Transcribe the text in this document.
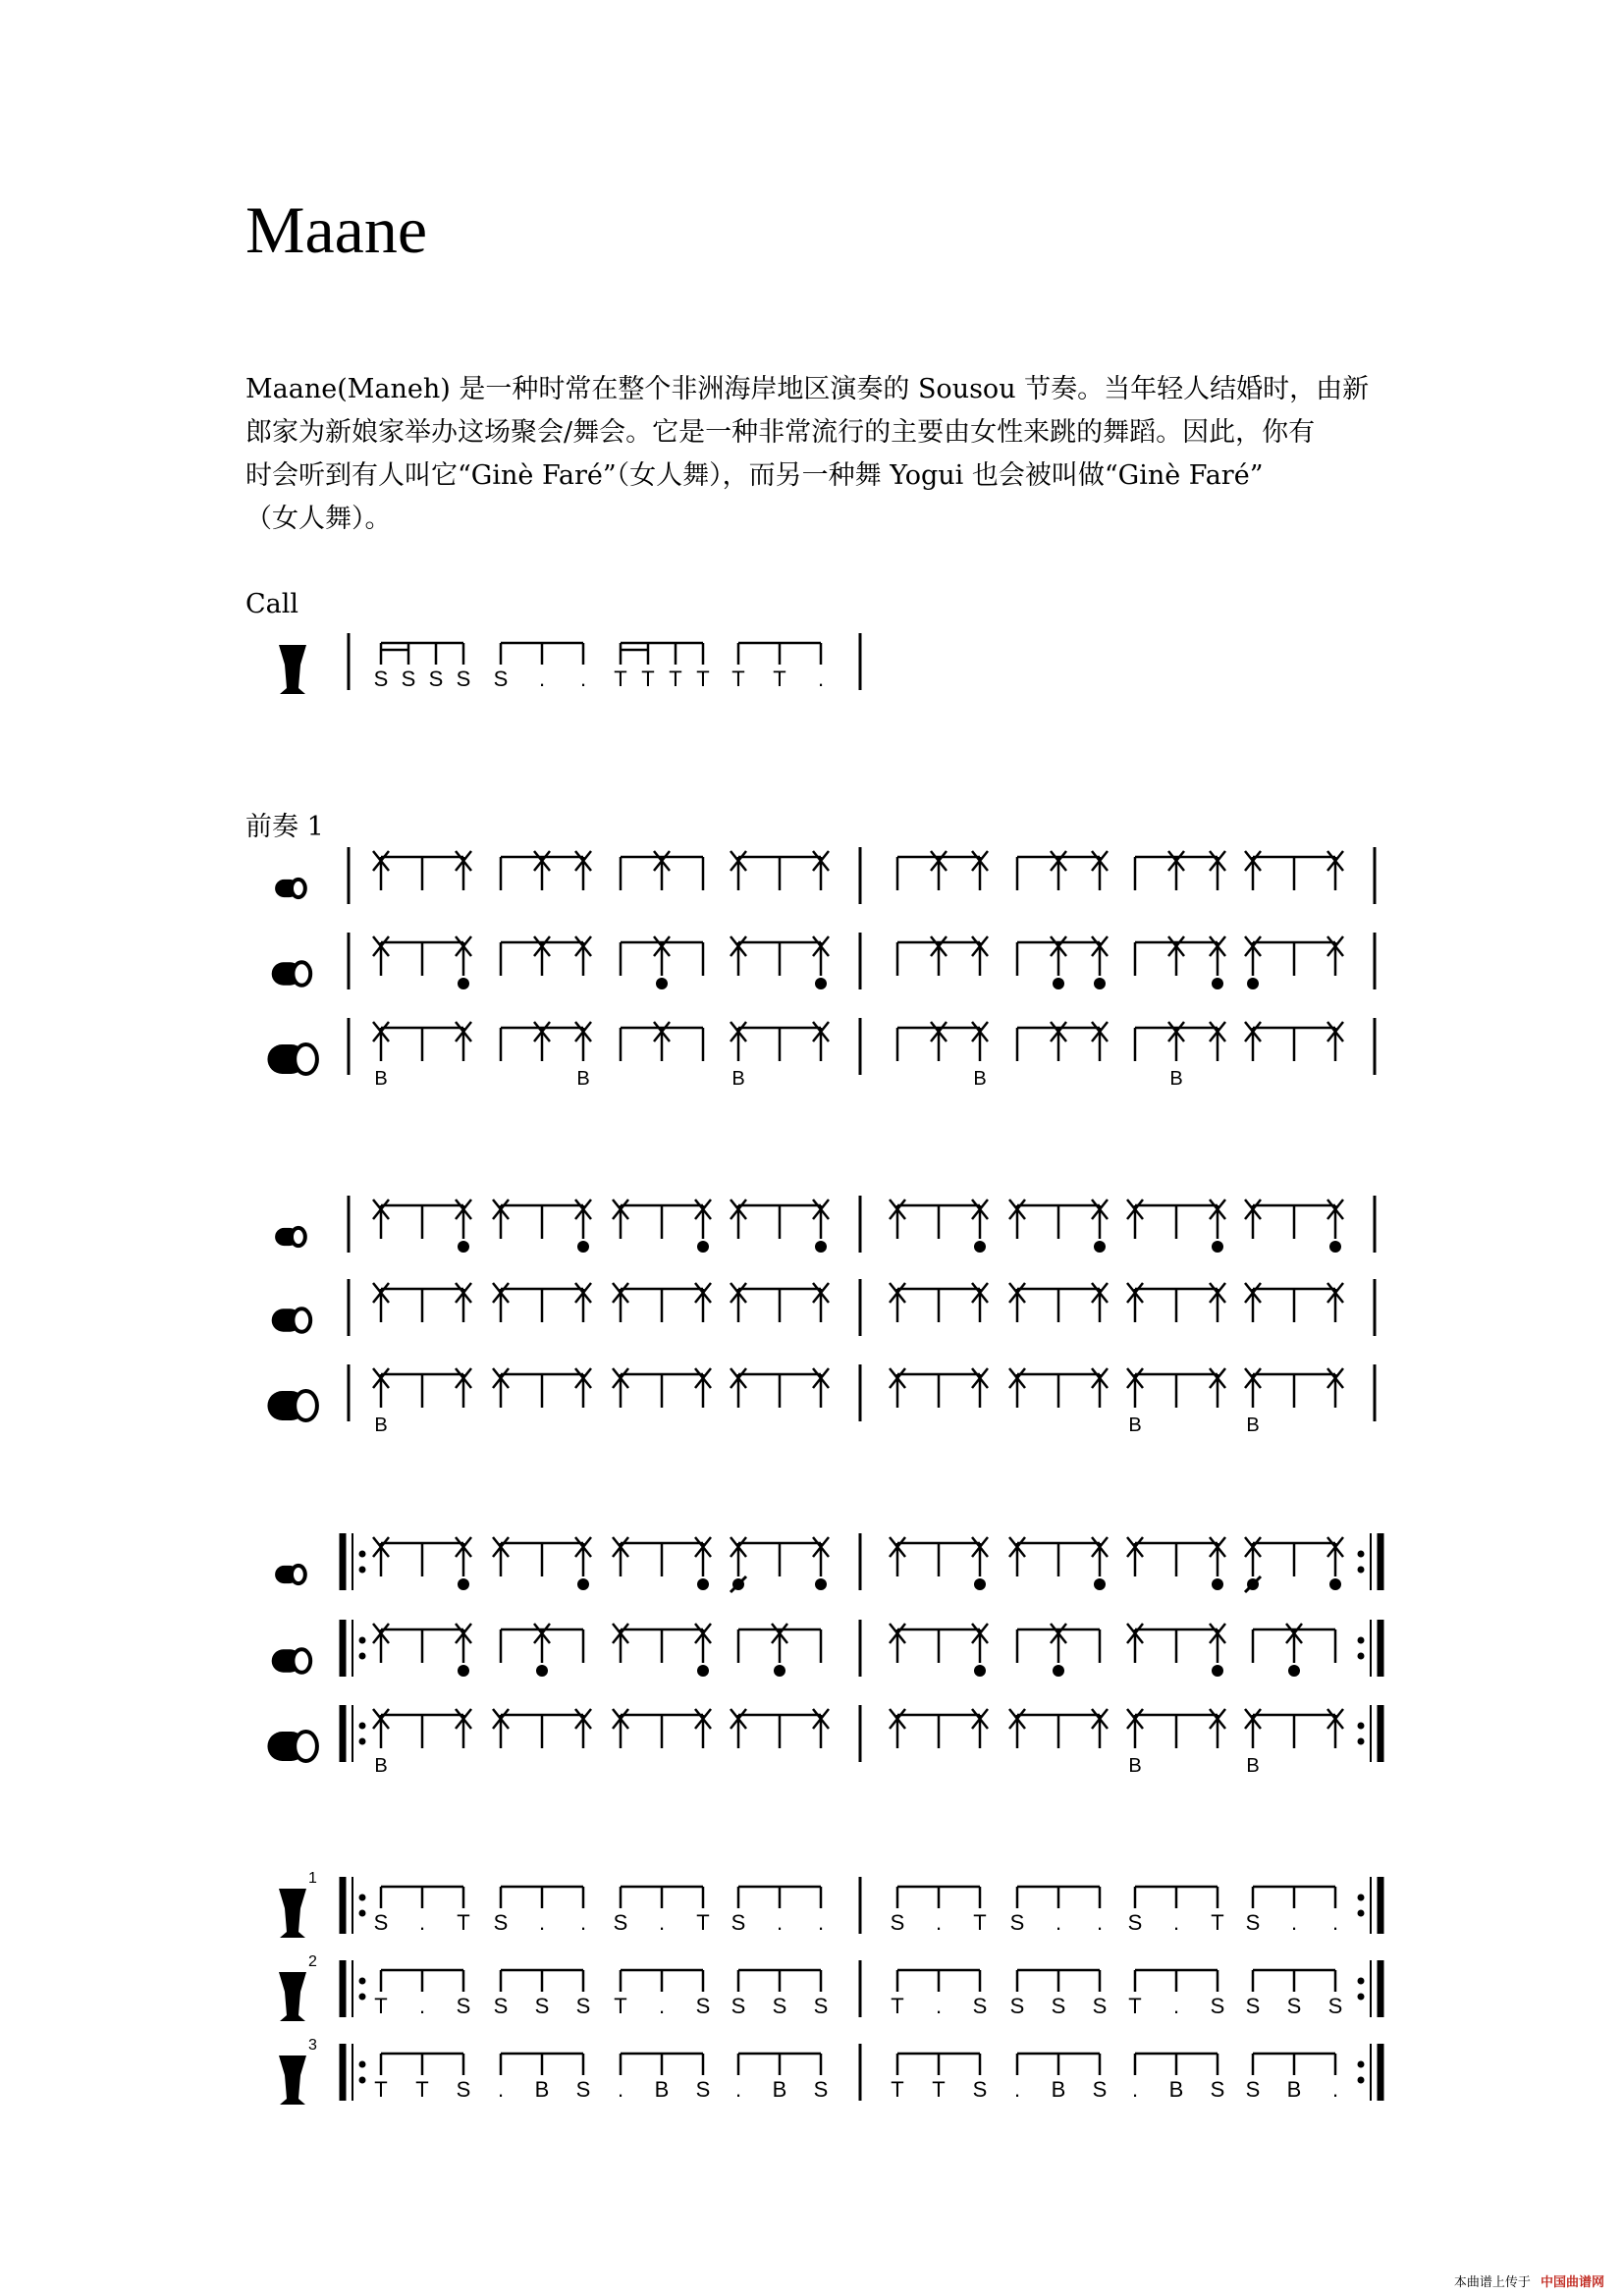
Maane

Maane(Maneh) 是一种时常在整个非洲海岸地区演奏的 Sousou 节奏。当年轻人结婚时，由新

郎家为新娘家举办这场聚会/舞会。它是一种非常流行的主要由女性来跳的舞蹈。因此，你有

时会听到有人叫它“Ginè Faré”（女人舞），而另一种舞 Yogui 也会被叫做“Ginè Faré”

（女人舞）。

Call
前奏 1
S S S S S . . T T T T T T .
B	B	B	B	B
B	B	B
B	B	B
1
S . T S . . S . T S . .	S . T S . . S . T S . .
2
T . S S S S T . S S S S	T . S S S S T . S S S S
3
T T S . B S . B S . B S	T T S . B S . B S S B .
本曲谱上传于 中国曲谱网
